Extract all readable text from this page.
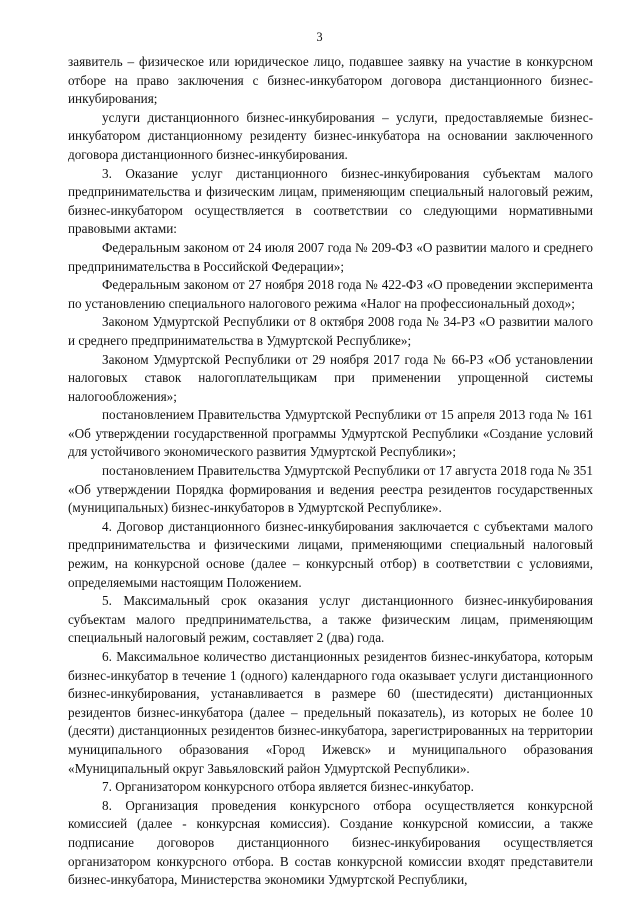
3

заявитель – физическое или юридическое лицо, подавшее заявку на участие в конкурсном отборе на право заключения с бизнес-инкубатором договора дистанционного бизнес-инкубирования;

услуги дистанционного бизнес-инкубирования – услуги, предоставляемые бизнес-инкубатором дистанционному резиденту бизнес-инкубатора на основании заключенного договора дистанционного бизнес-инкубирования.

3. Оказание услуг дистанционного бизнес-инкубирования субъектам малого предпринимательства и физическим лицам, применяющим специальный налоговый режим, бизнес-инкубатором осуществляется в соответствии со следующими нормативными правовыми актами:

Федеральным законом от 24 июля 2007 года № 209-ФЗ «О развитии малого и среднего предпринимательства в Российской Федерации»;

Федеральным законом от 27 ноября 2018 года № 422-ФЗ «О проведении эксперимента по установлению специального налогового режима «Налог на профессиональный доход»;

Законом Удмуртской Республики от 8 октября 2008 года № 34-РЗ «О развитии малого и среднего предпринимательства в Удмуртской Республике»;

Законом Удмуртской Республики от 29 ноября 2017 года № 66-РЗ «Об установлении налоговых ставок налогоплательщикам при применении упрощенной системы налогообложения»;

постановлением Правительства Удмуртской Республики от 15 апреля 2013 года № 161 «Об утверждении государственной программы Удмуртской Республики «Создание условий для устойчивого экономического развития Удмуртской Республики»;

постановлением Правительства Удмуртской Республики от 17 августа 2018 года № 351 «Об утверждении Порядка формирования и ведения реестра резидентов государственных (муниципальных) бизнес-инкубаторов в Удмуртской Республике».

4. Договор дистанционного бизнес-инкубирования заключается с субъектами малого предпринимательства и физическими лицами, применяющими специальный налоговый режим, на конкурсной основе (далее – конкурсный отбор) в соответствии с условиями, определяемыми настоящим Положением.

5. Максимальный срок оказания услуг дистанционного бизнес-инкубирования субъектам малого предпринимательства, а также физическим лицам, применяющим специальный налоговый режим, составляет 2 (два) года.

6. Максимальное количество дистанционных резидентов бизнес-инкубатора, которым бизнес-инкубатор в течение 1 (одного) календарного года оказывает услуги дистанционного бизнес-инкубирования, устанавливается в размере 60 (шестидесяти) дистанционных резидентов бизнес-инкубатора (далее – предельный показатель), из которых не более 10 (десяти) дистанционных резидентов бизнес-инкубатора, зарегистрированных на территории муниципального образования «Город Ижевск» и муниципального образования «Муниципальный округ Завьяловский район Удмуртской Республики».

7. Организатором конкурсного отбора является бизнес-инкубатор.

8. Организация проведения конкурсного отбора осуществляется конкурсной комиссией (далее - конкурсная комиссия). Создание конкурсной комиссии, а также подписание договоров дистанционного бизнес-инкубирования осуществляется организатором конкурсного отбора. В состав конкурсной комиссии входят представители бизнес-инкубатора, Министерства экономики Удмуртской Республики,
